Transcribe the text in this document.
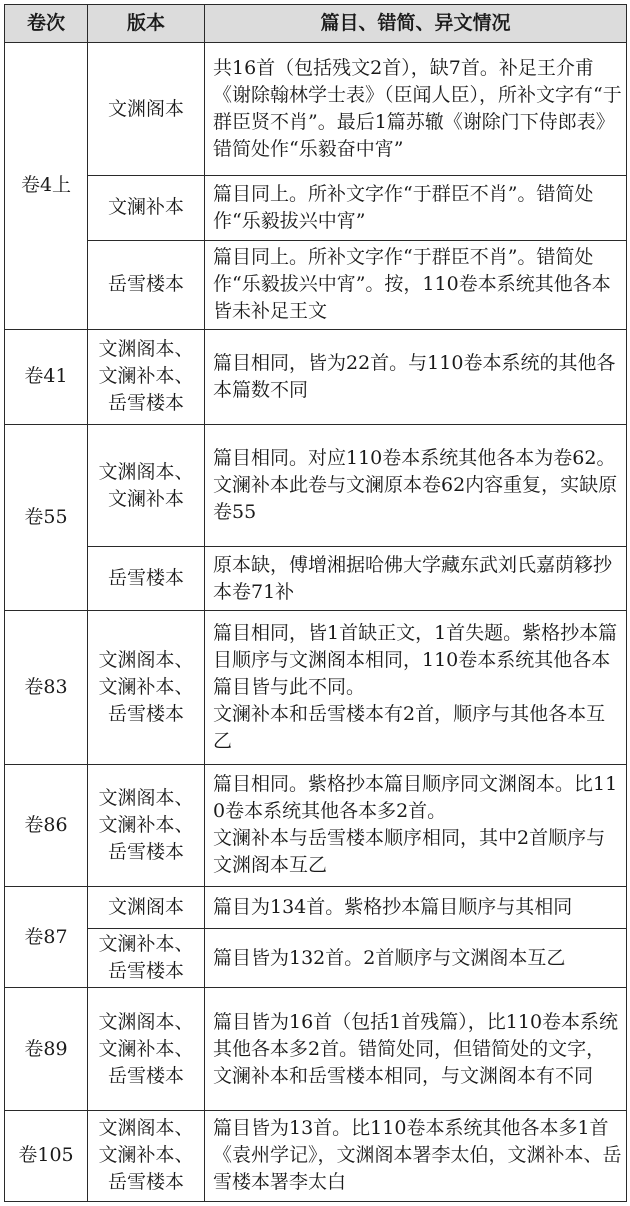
卷次	版本	篇目、错简、异文情况
卷4上	文渊阁本	共16首（包括残文2首），缺7首。补足王介甫《谢除翰林学士表》（臣闻人臣），所补文字有“于群臣贤不肖”。最后1篇苏辙《谢除门下侍郎表》错简处作“乐毅奋中宵”

	文澜补本	篇目同上。所补文字作“于群臣不肖”。错简处作“乐毅拔兴中宵”

	岳雪楼本	篇目同上。所补文字作“于群臣不肖”。错简处作“乐毅拔兴中宵”。按，110卷本系统其他各本皆未补足王文

卷41	文渊阁本、
文澜补本、
岳雪楼本	篇目相同，皆为22首。与110卷本系统的其他各本篇数不同

卷55	文渊阁本、
文澜补本	篇目相同。对应110卷本系统其他各本为卷62。
文澜补本此卷与文澜原本卷62内容重复，实缺原卷55

	岳雪楼本	原本缺，傅增湘据哈佛大学藏东武刘氏嘉荫簃抄本卷71补

卷83	文渊阁本、
文澜补本、
岳雪楼本	篇目相同，皆1首缺正文，1首失题。紫格抄本篇目顺序与文渊阁本相同，110卷本系统其他各本篇目皆与此不同。
文澜补本和岳雪楼本有2首，顺序与其他各本互乙

卷86	文渊阁本、
文澜补本、
岳雪楼本	篇目相同。紫格抄本篇目顺序同文渊阁本。比110卷本系统其他各本多2首。
文澜补本与岳雪楼本顺序相同，其中2首顺序与文渊阁本互乙

卷87	文渊阁本	篇目为134首。紫格抄本篇目顺序与其相同

	文澜补本、
岳雪楼本	篇目皆为132首。2首顺序与文渊阁本互乙

卷89	文渊阁本、
文澜补本、
岳雪楼本	篇目皆为16首（包括1首残篇），比110卷本系统其他各本多2首。错简处同，但错简处的文字，文澜补本和岳雪楼本相同，与文渊阁本有不同

卷105	文渊阁本、
文澜补本、
岳雪楼本	篇目皆为13首。比110卷本系统其他各本多1首《袁州学记》，文渊阁本署李太伯，文渊补本、岳雪楼本署李太白
